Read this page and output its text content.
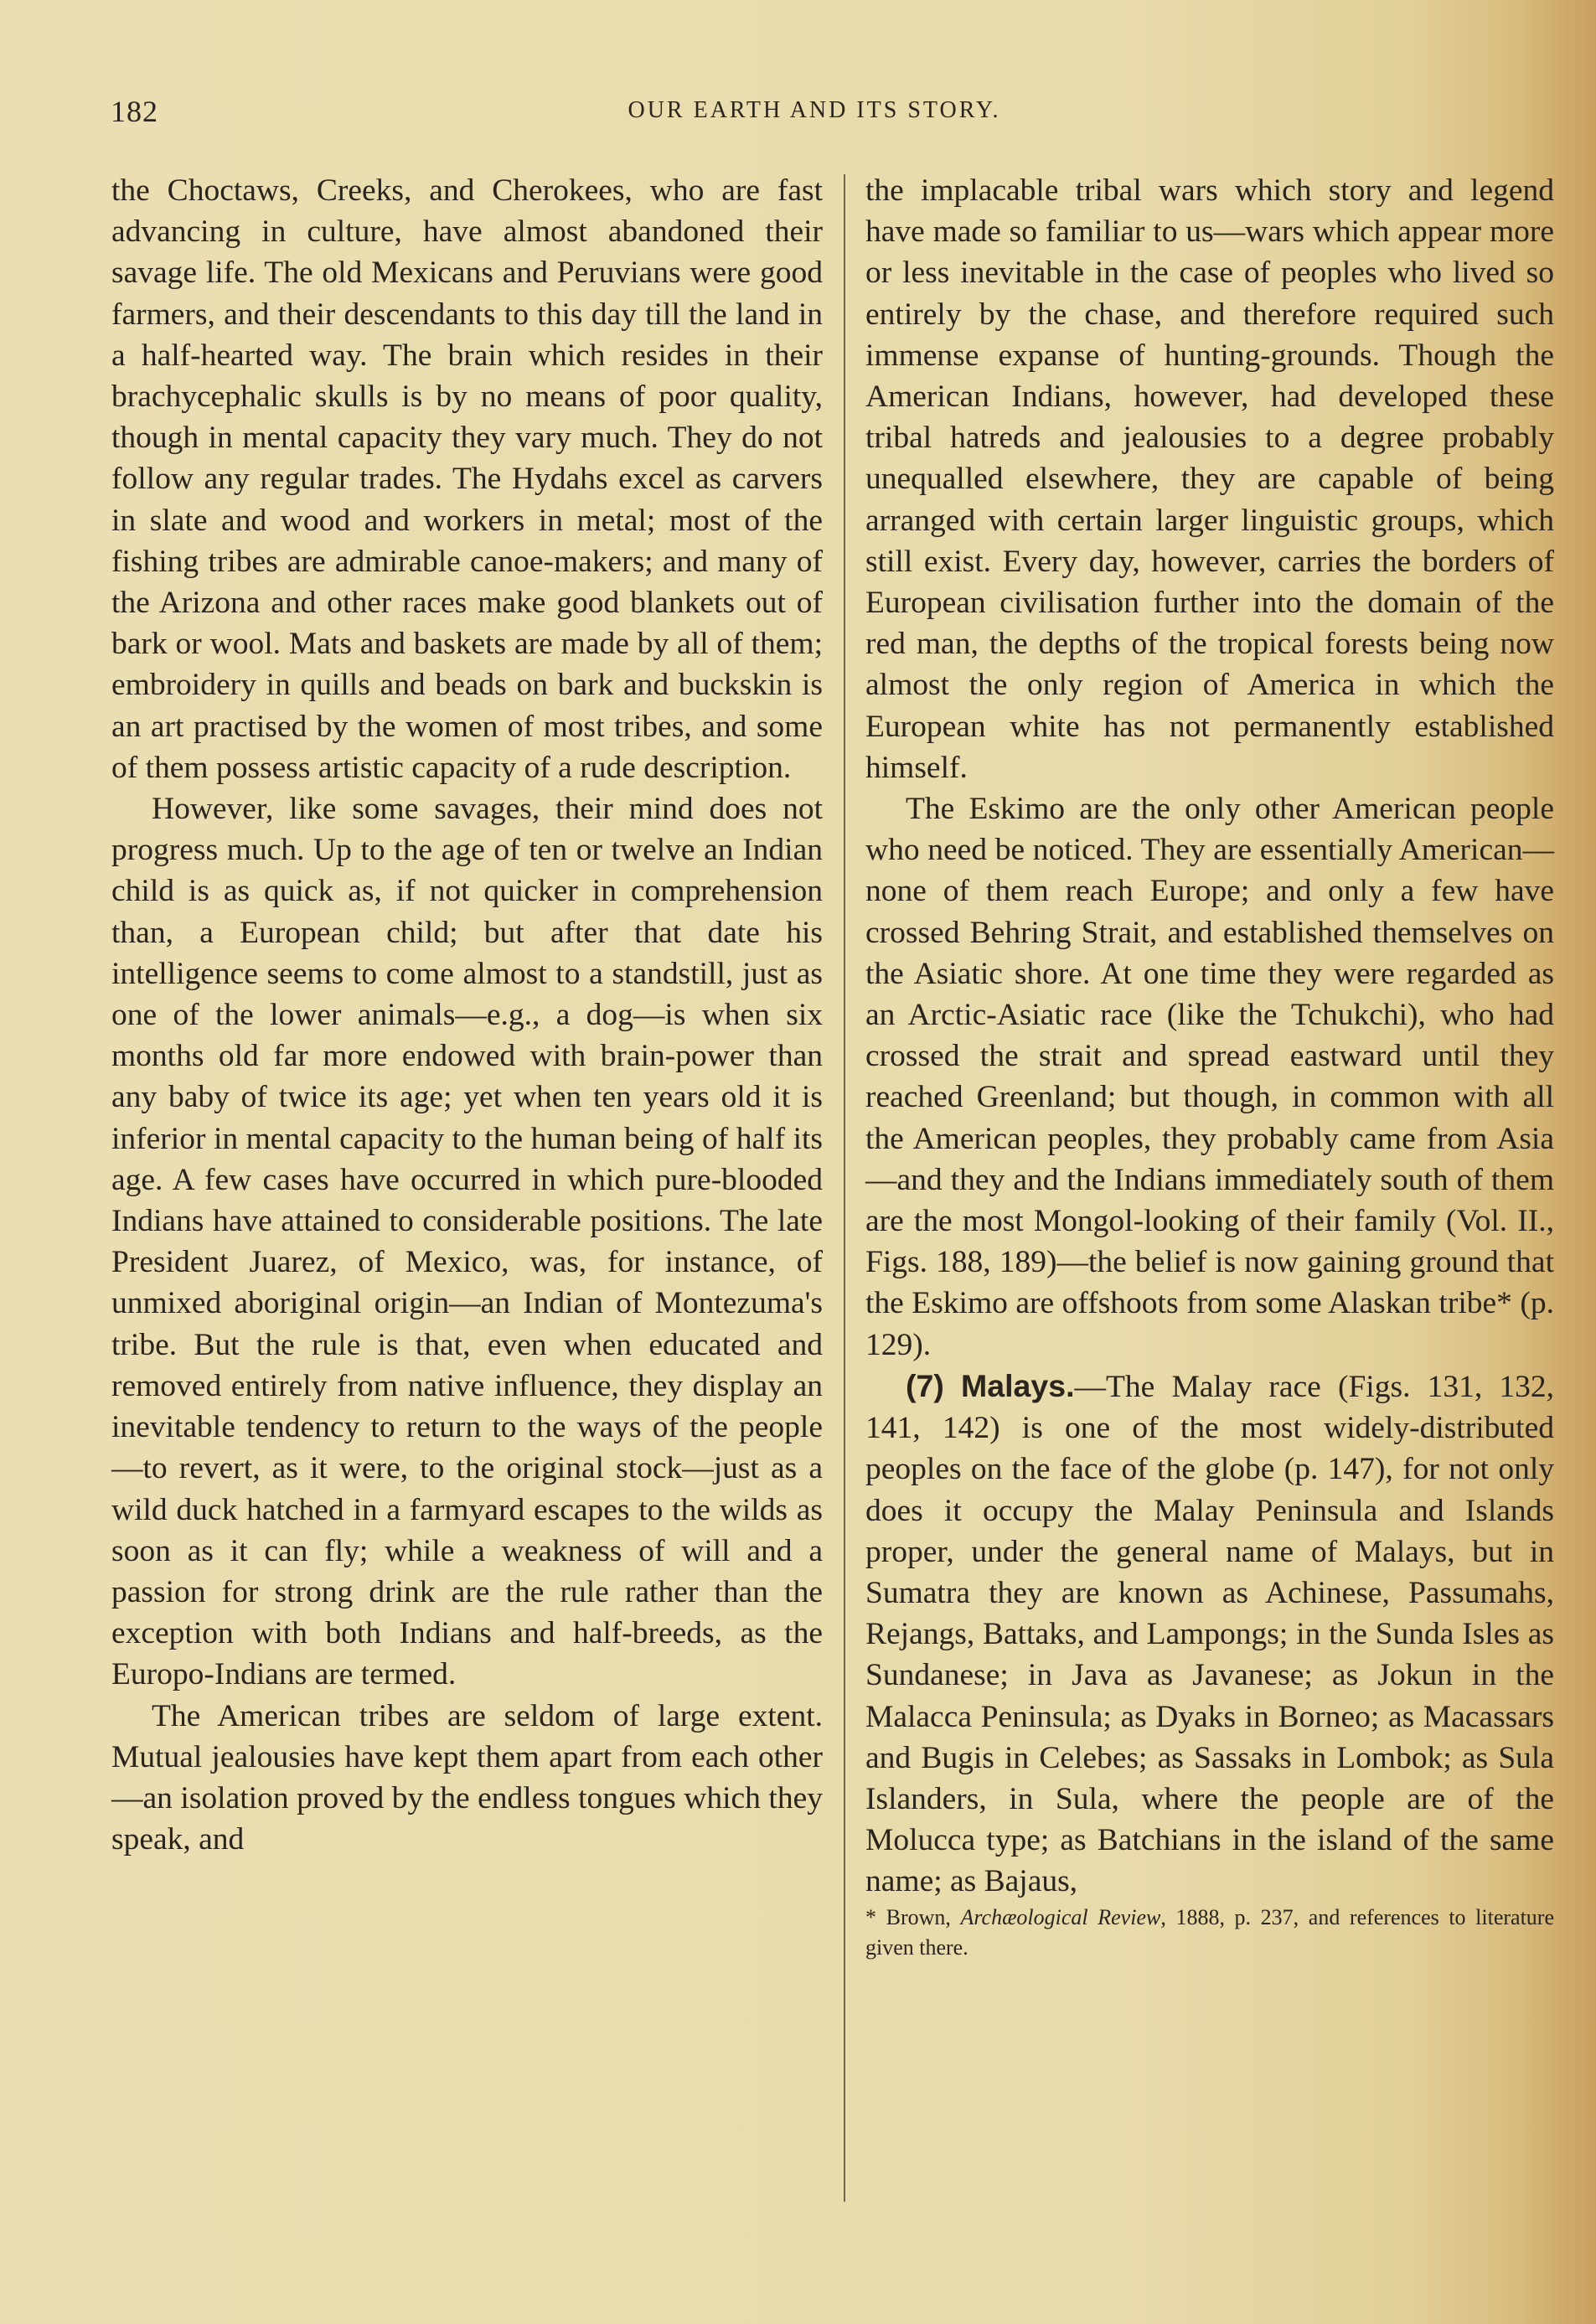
182	OUR EARTH AND ITS STORY.

the Choctaws, Creeks, and Cherokees, who are fast advancing in culture, have almost abandoned their savage life. The old Mexicans and Peruvians were good farmers, and their descendants to this day till the land in a half-hearted way. The brain which resides in their brachycephalic skulls is by no means of poor quality, though in mental capacity they vary much. They do not follow any regular trades. The Hydahs excel as carvers in slate and wood and workers in metal; most of the fishing tribes are admirable canoe-makers; and many of the Arizona and other races make good blankets out of bark or wool. Mats and baskets are made by all of them; embroidery in quills and beads on bark and buckskin is an art practised by the women of most tribes, and some of them possess artistic capacity of a rude description.

However, like some savages, their mind does not progress much. Up to the age of ten or twelve an Indian child is as quick as, if not quicker in comprehension than, a European child; but after that date his intelligence seems to come almost to a standstill, just as one of the lower animals—e.g., a dog—is when six months old far more endowed with brain-power than any baby of twice its age; yet when ten years old it is inferior in mental capacity to the human being of half its age. A few cases have occurred in which pure-blooded Indians have attained to considerable positions. The late President Juarez, of Mexico, was, for instance, of unmixed aboriginal origin—an Indian of Montezuma's tribe. But the rule is that, even when educated and removed entirely from native influence, they display an inevitable tendency to return to the ways of the people—to revert, as it were, to the original stock—just as a wild duck hatched in a farmyard escapes to the wilds as soon as it can fly; while a weakness of will and a passion for strong drink are the rule rather than the exception with both Indians and half-breeds, as the Europo-Indians are termed.

The American tribes are seldom of large extent. Mutual jealousies have kept them apart from each other—an isolation proved by the endless tongues which they speak, and

the implacable tribal wars which story and legend have made so familiar to us—wars which appear more or less inevitable in the case of peoples who lived so entirely by the chase, and therefore required such immense expanse of hunting-grounds. Though the American Indians, however, had developed these tribal hatreds and jealousies to a degree probably unequalled elsewhere, they are capable of being arranged with certain larger linguistic groups, which still exist. Every day, however, carries the borders of European civilisation further into the domain of the red man, the depths of the tropical forests being now almost the only region of America in which the European white has not permanently established himself.

The Eskimo are the only other American people who need be noticed. They are essentially American—none of them reach Europe; and only a few have crossed Behring Strait, and established themselves on the Asiatic shore. At one time they were regarded as an Arctic-Asiatic race (like the Tchukchi), who had crossed the strait and spread eastward until they reached Greenland; but though, in common with all the American peoples, they probably came from Asia—and they and the Indians immediately south of them are the most Mongol-looking of their family (Vol. II., Figs. 188, 189)—the belief is now gaining ground that the Eskimo are offshoots from some Alaskan tribe* (p. 129).

(7) Malays.—The Malay race (Figs. 131, 132, 141, 142) is one of the most widely-distributed peoples on the face of the globe (p. 147), for not only does it occupy the Malay Peninsula and Islands proper, under the general name of Malays, but in Sumatra they are known as Achinese, Passumahs, Rejangs, Battaks, and Lampongs; in the Sunda Isles as Sundanese; in Java as Javanese; as Jokun in the Malacca Peninsula; as Dyaks in Borneo; as Macassars and Bugis in Celebes; as Sassaks in Lombok; as Sula Islanders, in Sula, where the people are of the Molucca type; as Batchians in the island of the same name; as Bajaus,

* Brown, Archæological Review, 1888, p. 237, and references to literature given there.
